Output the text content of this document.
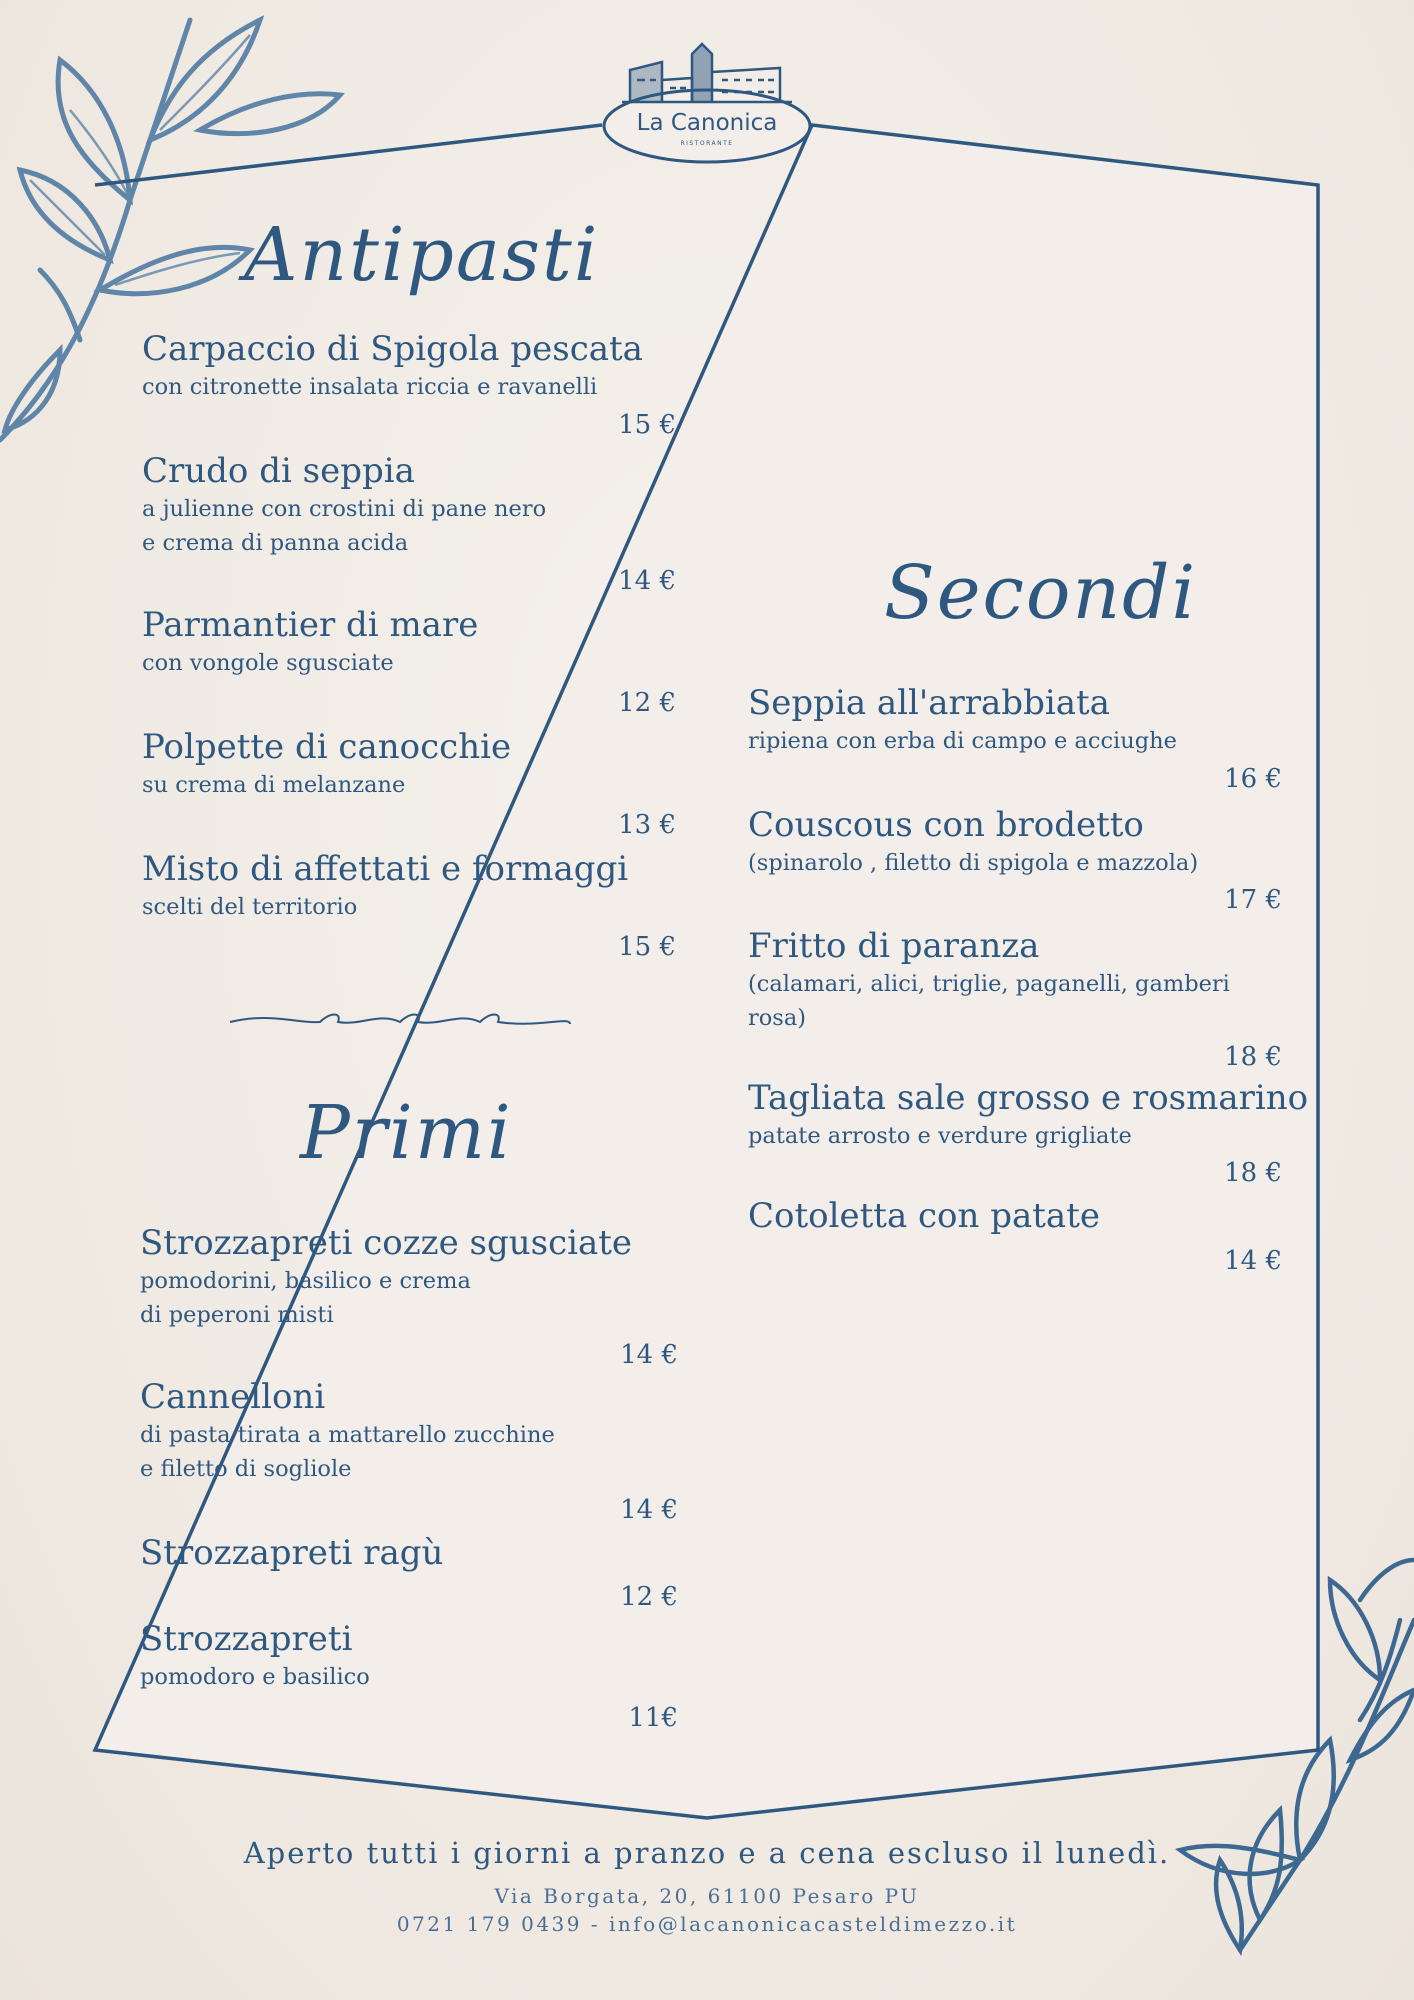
La Canonica
RISTORANTE
Antipasti
Primi
Secondi
Carpaccio di Spigola pescata
con citronette insalata riccia e ravanelli
15 €
Crudo di seppia
a julienne con crostini di pane nero
e crema di panna acida
14 €
Parmantier di mare
con vongole sgusciate
12 €
Polpette di canocchie
su crema di melanzane
13 €
Misto di affettati e formaggi
scelti del territorio
15 €
Strozzapreti cozze sgusciate
pomodorini, basilico e crema
di peperoni misti
14 €
Cannelloni
di pasta tirata a mattarello zucchine
e filetto di sogliole
14 €
Strozzapreti ragù
12 €
Strozzapreti
pomodoro e basilico
11€
Seppia all'arrabbiata
ripiena con erba di campo e acciughe
16 €
Couscous con brodetto
(spinarolo , filetto di spigola e mazzola)
17 €
Fritto di paranza
(calamari, alici, triglie, paganelli, gamberi
rosa)
18 €
Tagliata sale grosso e rosmarino
patate arrosto e verdure grigliate
18 €
Cotoletta con patate
14 €
Aperto tutti i giorni a pranzo e a cena escluso il lunedì.
Via Borgata, 20, 61100 Pesaro PU
0721 179 0439 - info@lacanonicacasteldimezzo.it
